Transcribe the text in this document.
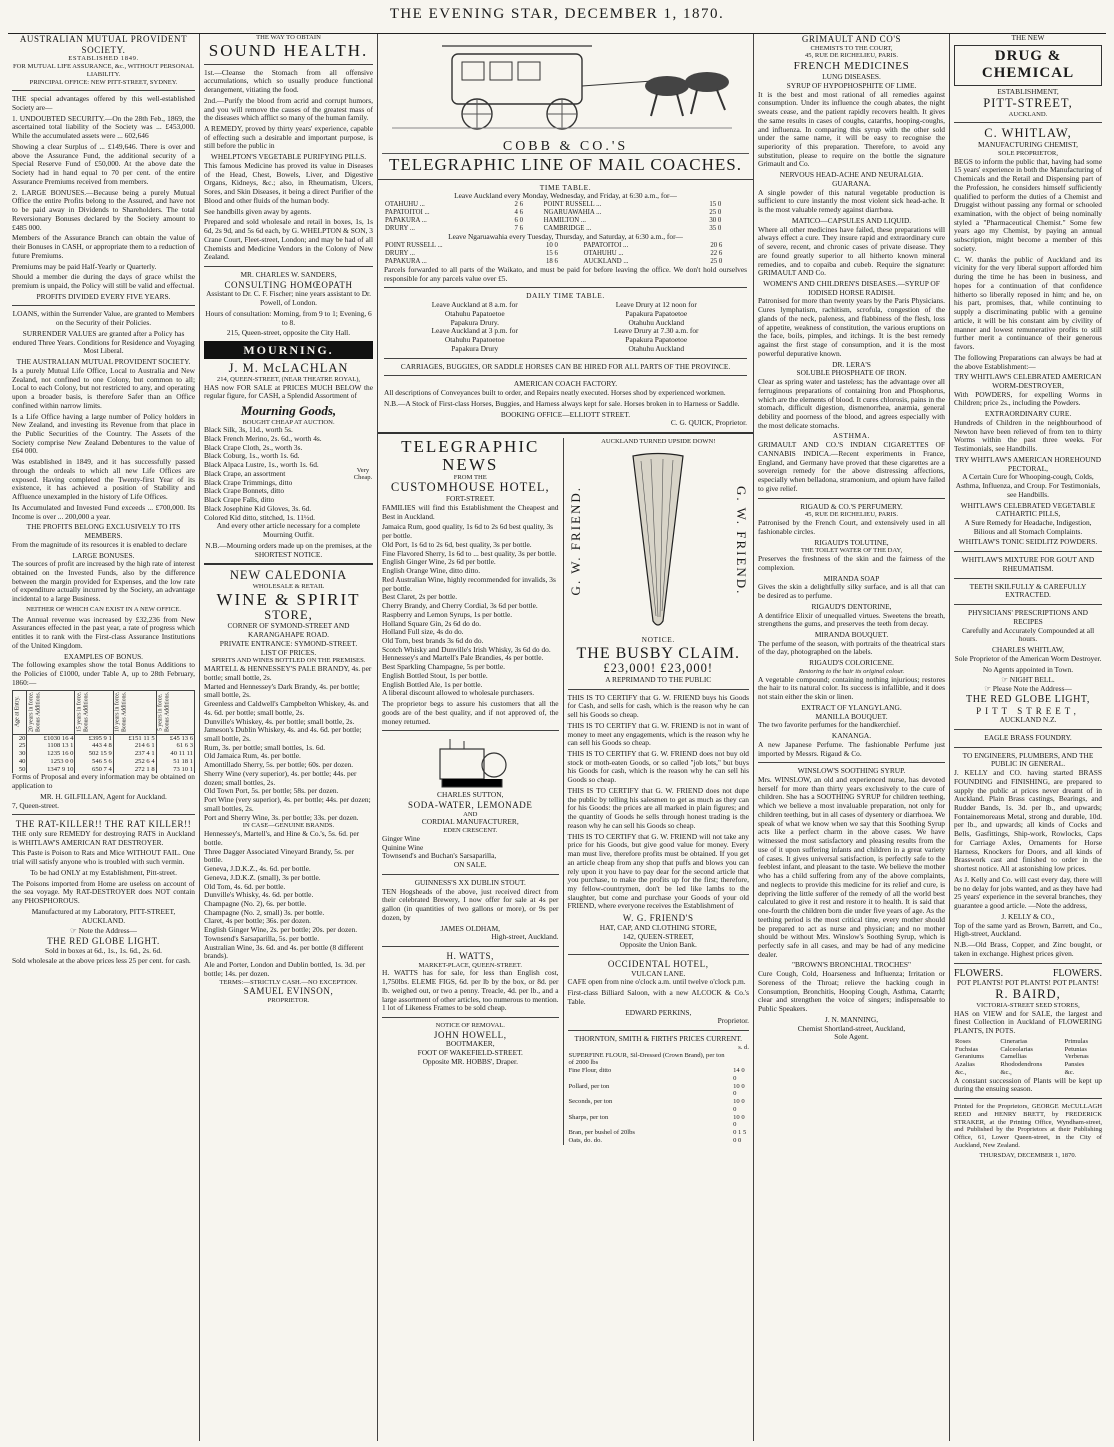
THE EVENING STAR, DECEMBER 1, 1870.
AUSTRALIAN MUTUAL PROVIDENT SOCIETY.
ESTABLISHED 1849.
FOR MUTUAL LIFE ASSURANCE, &c., WITHOUT PERSONAL LIABILITY.
PRINCIPAL OFFICE: NEW PITT-STREET, SYDNEY.

THE special advantages offered by this well-established Society are—

1. UNDOUBTED SECURITY.—On the 28th Feb., 1869, the ascertained total liability of the Society was ... £453,000. While the accumulated assets were ... 602,646

Showing a clear Surplus of ... £149,646. There is over and above the Assurance Fund, the additional security of a Special Reserve Fund of £50,000. At the above date the Society had in hand equal to 70 per cent. of the entire Assurance Premiums received from members.

2. LARGE BONUSES.—Because being a purely Mutual Office the entire Profits belong to the Assured, and have not to be paid away in Dividends to Shareholders. The total Reversionary Bonuses declared by the Society amount to £485 000.

Members of the Assurance Branch can obtain the value of their Bonuses in CASH, or appropriate them to a reduction of future Premiums.

Premiums may be paid Half-Yearly or Quarterly.

Should a member die during the days of grace whilst the premium is unpaid, the Policy will still be valid and effectual.

PROFITS DIVIDED EVERY FIVE YEARS.

LOANS, within the Surrender Value, are granted to Members on the Security of their Policies.

SURRENDER VALUES are granted after a Policy has endured Three Years. Conditions for Residence and Voyaging Most Liberal.

THE AUSTRALIAN MUTUAL PROVIDENT SOCIETY.

Is a purely Mutual Life Office, Local to Australia and New Zealand, not confined to one Colony, but common to all; Local to each Colony, but not restricted to any, and operating upon a broader basis, is therefore Safer than an Office confined within narrow limits.

Is a Life Office having a large number of Policy holders in New Zealand, and investing its Revenue from that place in the Public Securities of the Country. The Assets of the Society comprise New Zealand Debentures to the value of £64 000.

Was established in 1849, and it has successfully passed through the ordeals to which all new Life Offices are exposed. Having completed the Twenty-first Year of its existence, it has achieved a position of Stability and Affluence unexampled in the history of Life Offices.

Its Accumulated and Invested Fund exceeds ... £700,000. Its Income is over ... 200,000 a year.

THE PROFITS BELONG EXCLUSIVELY TO ITS MEMBERS.

From the magnitude of its resources it is enabled to declare

LARGE BONUSES.

The sources of profit are increased by the high rate of interest obtained on the Invested Funds, also by the difference between the margin provided for Expenses, and the low rate of expenditure actually incurred by the Society, an advantage incidental to a large Business.

NEITHER OF WHICH CAN EXIST IN A NEW OFFICE.

The Annual revenue was increased by £32,236 from New Assurances effected in the past year, a rate of progress which entitles it to rank with the First-class Assurance Institutions of the United Kingdom.

EXAMPLES OF BONUS.

The following examples show the total Bonus Additions to the Policies of £1000, under Table A, up to 28th February, 1860:—

Age at Entry.	20 years in force. Bonus Additions.	15 years in force. Bonus Additions.	10 years in force. Bonus Additions.	5 years in force. Bonus Additions.
20	£1030 16 4	£395 9 1	£151 11 5	£45 13 6
25	1108 13 1	443 4 8	214 6 1	61 6 3
30	1235 16 0	502 15 9	237 4 1	40 11 11
40	1253 0 0	546 5 6	252 6 4	51 18 1
50	1347 9 10	650 7 4	272 1 8	73 10 1

Forms of Proposal and every information may be obtained on application to

MR. H. GILFILLAN, Agent for Auckland.
7, Queen-street.
THE RAT-KILLER!! THE RAT KILLER!!

THE only sure REMEDY for destroying RATS in Auckland is WHITLAW'S AMERICAN RAT DESTROYER.

This Paste is Poison to Rats and Mice WITHOUT FAIL. One trial will satisfy anyone who is troubled with such vermin.

To be had ONLY at my Establishment, Pitt-street.

The Poisons imported from Home are useless on account of the sea voyage. My RAT-DESTROYER does NOT contain any PHOSPHOROUS.

Manufactured at my Laboratory, PITT-STREET, AUCKLAND.

☞ Note the Address—
THE RED GLOBE LIGHT.

Sold in boxes at 6d., 1s., 1s. 6d., 2s. 6d.

Sold wholesale at the above prices less 25 per cent. for cash.

THE WAY TO OBTAIN
SOUND HEALTH.

1st.—Cleanse the Stomach from all offensive accumulations, which so usually produce functional derangement, vitiating the food.

2nd.—Purify the blood from acrid and corrupt humors, and you will remove the causes of the greatest mass of the diseases which afflict so many of the human family.

A REMEDY, proved by thirty years' experience, capable of effecting such a desirable and important purpose, is still before the public in

WHELPTON'S VEGETABLE PURIFYING PILLS.

This famous Medicine has proved its value in Diseases of the Head, Chest, Bowels, Liver, and Digestive Organs, Kidneys, &c.; also, in Rheumatism, Ulcers, Sores, and Skin Diseases, it being a direct Purifier of the Blood and other fluids of the human body.

See handbills given away by agents.

Prepared and sold wholesale and retail in boxes, 1s, 1s 6d, 2s 9d, and 5s 6d each, by G. WHELPTON & SON, 3 Crane Court, Fleet-street, London; and may be had of all Chemists and Medicine Vendors in the Colony of New Zealand.

MR. CHARLES W. SANDERS,
CONSULTING HOMŒOPATH

Assistant to Dr. C. F. Fischer; nine years assistant to Dr. Powell, of London.

Hours of consultation: Morning, from 9 to 1; Evening, 6 to 8.

215, Queen-street, opposite the City Hall.

MOURNING.
J. M. McLACHLAN
214, QUEEN-STREET, (NEAR THEATRE ROYAL),

HAS now FOR SALE at PRICES MUCH BELOW the regular figure, for CASH, a Splendid Assortment of

Mourning Goods,
BOUGHT CHEAP AT AUCTION.
Black Silk, 3s, 11d., worth 5s.
Black French Merino, 2s. 6d., worth 4s.
Black Crape Cloth, 2s., worth 3s.
Black Coburg, 1s., worth 1s. 6d.
Black Alpaca Lustre, 1s., worth 1s. 6d.
Black Crape, an assortment
Black Crape Trimmings, ditto
Black Crape Bonnets, ditto
Black Crape Falls, ditto
Black Josephine Kid Gloves, 3s. 6d.
Colored Kid ditto, stitched, 1s. 11½d.
Very Cheap.

And every other article necessary for a complete Mourning Outfit.

N.B.—Mourning orders made up on the premises, at the SHORTEST NOTICE.

NEW CALEDONIA
WHOLESALE & RETAIL
WINE & SPIRIT
STORE,
CORNER OF SYMOND-STREET AND KARANGAHAPE ROAD.
PRIVATE ENTRANCE: SYMOND-STREET.
LIST OF PRICES.
SPIRITS AND WINES BOTTLED ON THE PREMISES.
MARTELL & HENNESSEY'S PALE BRANDY, 4s. per bottle; small bottle, 2s.
Marted and Hennessey's Dark Brandy, 4s. per bottle; small bottle, 2s.
Greenless and Caldwell's Campbelton Whiskey, 4s. and 4s. 6d. per bottle; small bottle, 2s.
Dunville's Whiskey, 4s. per bottle; small bottle, 2s.
Jameson's Dublin Whiskey, 4s. and 4s. 6d. per bottle; small bottle, 2s.
Rum, 3s. per bottle; small bottles, 1s. 6d.
Old Jamaica Rum, 4s. per bottle.
Amontillado Sherry, 5s. per bottle; 60s. per dozen.
Sherry Wine (very superior), 4s. per bottle; 44s. per dozen; small bottles, 2s.
Old Town Port, 5s. per bottle; 58s. per dozen.
Port Wine (very superior), 4s. per bottle; 44s. per dozen; small bottles, 2s.
Port and Sherry Wine, 3s. per bottle; 33s. per dozen.
IN CASE—GENUINE BRANDS.
Hennessey's, Martell's, and Hine & Co.'s, 5s. 6d. per bottle.
Three Dagger Associated Vineyard Brandy, 5s. per bottle.
Geneva, J.D.K.Z., 4s. 6d. per bottle.
Geneva, J.D.K.Z. (small), 3s per bottle.
Old Tom, 4s. 6d. per bottle.
Dunville's Whisky, 4s. 6d. per bottle.
Champagne (No. 2), 6s. per bottle.
Champagne (No. 2, small) 3s. per bottle.
Claret, 4s per bottle; 36s. per dozen.
English Ginger Wine, 2s. per bottle; 20s. per dozen.
Townsend's Sarsaparilla, 5s. per bottle.
Australian Wine, 3s. 6d. and 4s. per bottle (8 different brands).
Ale and Porter, London and Dublin bottled, 1s. 3d. per bottle; 14s. per dozen.
TERMS:—STRICTLY CASH.—NO EXCEPTION.
SAMUEL EVINSON,
PROPRIETOR.
COBB & CO.'S
TELEGRAPHIC LINE OF MAIL COACHES.
TIME TABLE.
Leave Auckland every Monday, Wednesday, and Friday, at 6:30 a.m., for—
OTAHUHU ...	2 6	POINT RUSSELL ...	15 0
PAPATOITOI ...	4 6	NGARUAWAHIA ...	25 0
PAPAKURA ...	6 0	HAMILTON ...	30 0
DRURY ...	7 6	CAMBRIDGE ...	35 0
Leave Ngaruawahia every Tuesday, Thursday, and Saturday, at 6:30 a.m., for—
POINT RUSSELL ...	10 0	PAPATOITOI ...	20 6
DRURY ...	15 6	OTAHUHU ...	22 6
PAPAKURA ...	18 6	AUCKLAND ...	25 0

Parcels forwarded to all parts of the Waikato, and must be paid for before leaving the office. We don't hold ourselves responsible for any parcels value over £5.

DAILY TIME TABLE.
Leave Auckland at 8 a.m. for
Otahuhu Papatoetoe
Papakura Drury.
Leave Auckland at 3 p.m. for
Otahuhu Papatoetoe
Papakura Drury
Leave Drury at 12 noon for
Papakura Papatoetoe
Otahuhu Auckland
Leave Drury at 7.30 a.m. for
Papakura Papatoetoe
Otahuhu Auckland
CARRIAGES, BUGGIES, OR SADDLE HORSES CAN BE HIRED FOR ALL PARTS OF THE PROVINCE.
AMERICAN COACH FACTORY.

All descriptions of Conveyances built to order, and Repairs neatly executed. Horses shod by experienced workmen.

N.B.—A Stock of First-class Horses, Buggies, and Harness always kept for sale. Horses broken in to Harness or Saddle.

BOOKING OFFICE—ELLIOTT STREET.
C. G. QUICK, Proprietor.
TELEGRAPHIC
NEWS
FROM THE
CUSTOMHOUSE HOTEL,
FORT-STREET.

FAMILIES will find this Establishment the Cheapest and Best in Auckland.

Jamaica Rum, good quality, 1s 6d to 2s 6d best quality, 3s per bottle.
Old Port, 1s 6d to 2s 6d, best quality, 3s per bottle.
Fine Flavored Sherry, 1s 6d to ... best quality, 3s per bottle.
English Ginger Wine, 2s 6d per bottle.
English Orange Wine, ditto ditto.
Red Australian Wine, highly recommended for invalids, 3s per bottle.
Best Claret, 2s per bottle.
Cherry Brandy, and Cherry Cordial, 3s 6d per bottle.
Raspberry and Lemon Syrups, 1s per bottle.
Holland Square Gin, 2s 6d do do.
Holland Full size, 4s do do.
Old Tom, best brands 3s 6d do do.
Scotch Whisky and Dunville's Irish Whisky, 3s 6d do do.
Hennessey's and Martell's Pale Brandies, 4s per bottle.
Best Sparkling Champagne, 5s per bottle.
English Bottled Stout, 1s per bottle.
English Bottled Ale, 1s per bottle.

A liberal discount allowed to wholesale purchasers.

The proprietor begs to assure his customers that all the goods are of the best quality, and if not approved of, the money returned.

CHARLES SUTTON,
SODA-WATER, LEMONADE
AND
CORDIAL MANUFACTURER,
EDEN CRESCENT.
Ginger Wine
Quinine Wine
Townsend's and Buchan's Sarsaparilla,
ON SALE.
GUINNESS'S XX DUBLIN STOUT.

TEN Hogsheads of the above, just received direct from their celebrated Brewery, I now offer for sale at 4s per gallon (in quantities of two gallons or more), or 9s per dozen, by

JAMES OLDHAM,
High-street, Auckland.
H. WATTS,
MARKET-PLACE, QUEEN-STREET.

H. WATTS has for sale, for less than English cost, 1,750lbs. ELEME FIGS, 6d. per lb by the box, or 8d. per lb. weighed out, or two a penny. Treacle, 4d. per lb., and a large assortment of other articles, too numerous to mention. 1 lot of Likeness Frames to be sold cheap.

NOTICE OF REMOVAL.
JOHN HOWELL,
BOOTMAKER,
FOOT OF WAKEFIELD-STREET.
Opposite MR. HOBBS', Draper.
AUCKLAND TURNED UPSIDE DOWN!
G. W. FRIEND.	G. W. FRIEND.
NOTICE.
THE BUSBY CLAIM.
£23,000! £23,000!
A REPRIMAND TO THE PUBLIC

THIS IS TO CERTIFY that G. W. FRIEND buys his Goods for Cash, and sells for cash, which is the reason why he can sell his Goods so cheap.

THIS IS TO CERTIFY that G. W. FRIEND is not in want of money to meet any engagements, which is the reason why he can sell his Goods so cheap.

THIS IS TO CERTIFY that G. W. FRIEND does not buy old stock or moth-eaten Goods, or so called "job lots," but buys his Goods for cash, which is the reason why he can sell his Goods so cheap.

THIS IS TO CERTIFY that G. W. FRIEND does not dupe the public by telling his salesmen to get as much as they can for his Goods: the prices are all marked in plain figures; and the quantity of Goods he sells through honest trading is the reason why he can sell his Goods so cheap.

THIS IS TO CERTIFY that G. W. FRIEND will not take any price for his Goods, but give good value for money. Every man must live, therefore profits must be obtained. If you get an article cheap from any shop that puffs and blows you can rely upon it you have to pay dear for the second article that you purchase, to make the profits up for the first; therefore, my fellow-countrymen, don't be led like lambs to the slaughter, but come and purchase your Goods of your old FRIEND, where everyone receives the Establishment of

W. G. FRIEND'S
HAT, CAP, AND CLOTHING STORE,
142, QUEEN-STREET,
Opposite the Union Bank.
OCCIDENTAL HOTEL,
VULCAN LANE.

CAFE open from nine o'clock a.m. until twelve o'clock p.m.

First-class Billiard Saloon, with a new ALCOCK & Co.'s Table.

EDWARD PERKINS,
Proprietor.
THORNTON, SMITH & FIRTH'S PRICES CURRENT.
s. d.
SUPERFINE FLOUR, Sil-Dressed (Crown Brand), per ton of 2000 lbs	
Fine Flour, ditto	14 0 0
Pollard, per ton	10 0 0
Seconds, per ton	10 0 0
Sharps, per ton	10 0 0
Bran, per bushel of 20lbs	0 1 5
Oats, do. do.	0 0
GRIMAULT AND CO'S
CHEMISTS TO THE COURT,
45, RUE DE RICHELIEU, PARIS.
FRENCH MEDICINES
LUNG DISEASES.
SYRUP OF HYPOPHOSPHITE OF LIME.

It is the best and most rational of all remedies against consumption. Under its influence the cough abates, the night sweats cease, and the patient rapidly recovers health. It gives the same results in cases of coughs, catarrhs, hooping-coughs, and influenza. In comparing this syrup with the other sold under the same name, it will be easy to recognise the superiority of this preparation. Therefore, to avoid any substitution, please to require on the bottle the signature Grimault and Co.

NERVOUS HEAD-ACHE AND NEURALGIA.
GUARANA.

A single powder of this natural vegetable production is sufficient to cure instantly the most violent sick head-ache. It is the most valuable remedy against diarrhœa.

MATICO—CAPSULES AND LIQUID.

Where all other medicines have failed, these preparations will always effect a cure. They insure rapid and extraordinary cure of severe, recent, and chronic cases of private disease. They are found greatly superior to all hitherto known mineral remedies, and to copaiba and cubeb. Require the signature: GRIMAULT AND Co.

WOMEN'S AND CHILDREN'S DISEASES.—SYRUP OF IODISED HORSE RADISH.

Patronised for more than twenty years by the Paris Physicians. Cures lymphatism, rachitism, scrofula, congestion of the glands of the neck, paleness, and flabbiness of the flesh, loss of appetite, weakness of constitution, the various eruptions on the face, boils, pimples, and itchings. It is the best remedy against the first stage of consumption, and it is the most powerful depurative known.

DR. LERA'S
SOLUBLE PHOSPHATE OF IRON.

Clear as spring water and tasteless; has the advantage over all ferruginous preparations of containing Iron and Phosphorus, which are the elements of blood. It cures chlorosis, pains in the stomach, difficult digestion, dismenorrhea, anæmia, general debility and poorness of the blood, and agrees especially with the most delicate stomachs.

ASTHMA.

GRIMAULT AND CO.'S INDIAN CIGARETTES OF CANNABIS INDICA.—Recent experiments in France, England, and Germany have proved that these cigarettes are a sovereign remedy for the above distressing affections, especially when belladona, stramonium, and opium have failed to give relief.

RIGAUD & CO.'S PERFUMERY.
45, RUE DE RICHELIEU, PARIS.

Patronised by the French Court, and extensively used in all fashionable circles.

RIGAUD'S TOLUTINE,
THE TOILET WATER OF THE DAY,

Preserves the freshness of the skin and the fairness of the complexion.

MIRANDA SOAP

Gives the skin a delightfully silky surface, and is all that can be desired as to perfume.

RIGAUD'S DENTORINE,

A dentifrice Elixir of unequalled virtues. Sweetens the breath, strengthens the gums, and preserves the teeth from decay.

MIRANDA BOUQUET.

The perfume of the season, with portraits of the theatrical stars of the day, photographed on the labels.

RIGAUD'S COLORICENE.
Restoring to the hair its original colour.

A vegetable compound; containing nothing injurious; restores the hair to its natural color. Its success is infallible, and it does not stain either the skin or linen.

EXTRACT OF YLANGYLANG.
MANILLA BOUQUET.

The two favorite perfumes for the handkerchief.

KANANGA.

A new Japanese Perfume. The fashionable Perfume just imported by Messrs. Rigaud & Co.

WINSLOW'S SOOTHING SYRUP.

Mrs. WINSLOW, an old and experienced nurse, has devoted herself for more than thirty years exclusively to the cure of children. She has a SOOTHING SYRUP for children teething, which we believe a most invaluable preparation, not only for children teething, but in all cases of dysentery or diarrhoea. We speak of what we know when we say that this Soothing Syrup acts like a perfect charm in the above cases. We have witnessed the most satisfactory and pleasing results from the use of it upon suffering infants and children in a great variety of cases. It gives universal satisfaction, is perfectly safe to the feeblest infant, and pleasant to the taste. We believe the mother who has a child suffering from any of the above complaints, and neglects to provide this medicine for its relief and cure, is depriving the little sufferer of the remedy of all the world best calculated to give it rest and restore it to health. It is said that one-fourth the children born die under five years of age. As the teething period is the most critical time, every mother should be prepared to act as nurse and physician; and no mother should be without Mrs. Winslow's Soothing Syrup, which is perfectly safe in all cases, and may be had of any medicine dealer.

"BROWN'S BRONCHIAL TROCHES"

Cure Cough, Cold, Hoarseness and Influenza; Irritation or Soreness of the Throat; relieve the hacking cough in Consumption, Bronchitis, Hooping Cough, Asthma, Catarrh; clear and strengthen the voice of singers; indispensable to Public Speakers.

J. N. MANNING,
Chemist Shortland-street, Auckland,
Sole Agent.
THE NEW
DRUG & CHEMICAL
ESTABLISHMENT,
PITT-STREET,
AUCKLAND.
C. WHITLAW,
MANUFACTURING CHEMIST,
SOLE PROPRIETOR,

BEGS to inform the public that, having had some 15 years' experience in both the Manufacturing of Chemicals and the Retail and Dispensing part of the Profession, he considers himself sufficiently qualified to perform the duties of a Chemist and Druggist without passing any formal or schooled examination, with the object of being nominally styled a "Pharmaceutical Chemist." Some few years ago my Chemist, by paying an annual subscription, might become a member of this society.

C. W. thanks the public of Auckland and its vicinity for the very liberal support afforded him during the time he has been in business, and hopes for a continuation of that confidence hitherto so liberally reposed in him; and he, on his part, promises, that, while continuing to supply a discriminating public with a genuine article, it will be his constant aim by civility of manner and lowest remunerative profits to still further merit a continuance of their generous favors.

The following Preparations can always be had at the above Establishment:—

TRY WHITLAW'S CELEBRATED AMERICAN WORM-DESTROYER,

With POWDERS, for expelling Worms in Children; price 2s., including the Powders.

EXTRAORDINARY CURE.

Hundreds of Children in the neighbourhood of Newton have been relieved of from ten to thirty Worms within the past three weeks. For Testimonials, see Handbills.

TRY WHITLAW'S AMERICAN HOREHOUND PECTORAL,

A Certain Cure for Whooping-cough, Colds, Asthma, Influenza, and Croup. For Testimonials, see Handbills.

WHITLAW'S CELEBRATED VEGETABLE CATHARTIC PILLS,

A Sure Remedy for Headache, Indigestion, Bilious and all Stomach Complaints.

WHITLAW'S TONIC SEIDLITZ POWDERS.
WHITLAW'S MIXTURE FOR GOUT AND RHEUMATISM.
TEETH SKILFULLY & CAREFULLY EXTRACTED.
PHYSICIANS' PRESCRIPTIONS AND RECIPES

Carefully and Accurately Compounded at all hours.

CHARLES WHITLAW,

Sole Proprietor of the American Worm Destroyer.

No Agents appointed in Town.

☞ NIGHT BELL.
☞ Please Note the Address—
THE RED GLOBE LIGHT,
PITT STREET,
AUCKLAND N.Z.
EAGLE BRASS FOUNDRY.
TO ENGINEERS, PLUMBERS, AND THE PUBLIC IN GENERAL.

J. KELLY and CO. having started BRASS FOUNDING and FINISHING, are prepared to supply the public at prices never dreamt of in Auckland. Plain Brass castings, Bearings, and Rudder Bands, 1s. 3d. per lb., and upwards; Fontainemoreaus Metal, strong and durable, 10d. per lb., and upwards; all kinds of Cocks and Bells, Gasfittings, Ship-work, Rowlocks, Caps for Carriage Axles, Ornaments for Horse Harness, Knockers for Doors, and all kinds of Brasswork cast and finished to order in the shortest notice. All at astonishing low prices.

As J. Kelly and Co. will cast every day, there will be no delay for jobs wanted, and as they have had 25 years' experience in the several branches, they guarantee a good article. —Note the address,

J. KELLY & CO.,

Top of the same yard as Brown, Barrett, and Co., High-street, Auckland.

N.B.—Old Brass, Copper, and Zinc bought, or taken in exchange. Highest prices given.

FLOWERS.	FLOWERS.
POT PLANTS! POT PLANTS! POT PLANTS!
R. BAIRD,
VICTORIA-STREET SEED STORES,

HAS on VIEW and for SALE, the largest and finest Collection in Auckland of FLOWERING PLANTS, IN POTS.

Roses	Cinerarias	Primulas
Fuchsias	Calceolarias	Petunias
Geraniums	Camellias	Verbenas
Azalias	Rhododendrons	Pansies
&c.,	&c.,	&c.

A constant succession of Plants will be kept up during the ensuing season.

Printed for the Proprietors, GEORGE McCULLAGH REED and HENRY BRETT, by FREDERICK STRAKER, at the Printing Office, Wyndham-street, and Published by the Proprietors at their Publishing Office, 61, Lower Queen-street, in the City of Auckland, New Zealand.

THURSDAY, DECEMBER 1, 1870.
